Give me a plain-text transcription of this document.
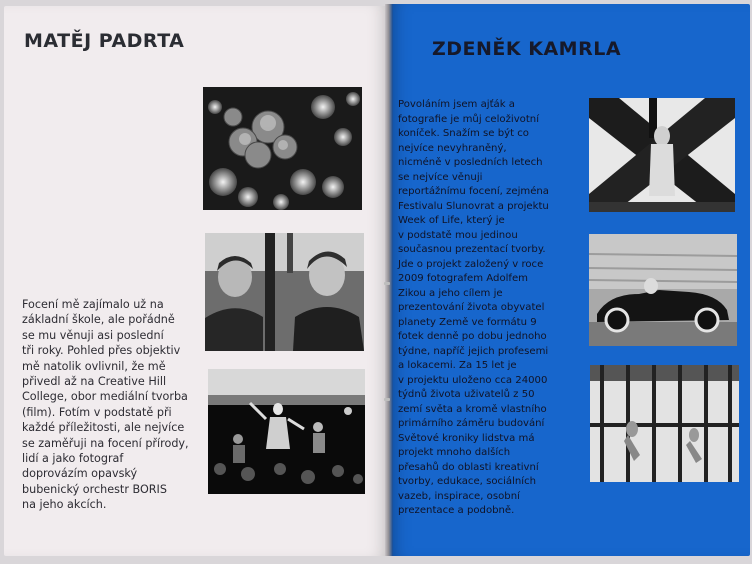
MATĚJ PADRTA	ZDENĚK KAMRLA
Focení mě zajímalo už na
základní škole, ale pořádně
se mu věnuji asi poslední
tři roky. Pohled přes objektiv
mě natolik ovlivnil, že mě
přivedl až na Creative Hill
College, obor mediální tvorba
(film). Fotím v podstatě při
každé příležitosti, ale nejvíce
se zaměřuji na focení přírody,
lidí a jako fotograf
doprovázím opavský
bubenický orchestr BORIS
na jeho akcích.
Povoláním jsem ajťák a
fotografie je můj celoživotní
koníček. Snažím se být co
nejvíce nevyhraněný,
nicméně v posledních letech
se nejvíce věnuji
reportážnímu focení, zejména
Festivalu Slunovrat a projektu
Week of Life, který je
v podstatě mou jedinou
současnou prezentací tvorby.
Jde o projekt založený v roce
2009 fotografem Adolfem
Zikou a jeho cílem je
prezentování života obyvatel
planety Země ve formátu 9
fotek denně po dobu jednoho
týdne, napříč jejich profesemi
a lokacemi. Za 15 let je
v projektu uloženo cca 24000
týdnů života uživatelů z 50
zemí světa a kromě vlastního
primárního záměru budování
Světové kroniky lidstva má
projekt mnoho dalších
přesahů do oblasti kreativní
tvorby, edukace, sociálních
vazeb, inspirace, osobní
prezentace a podobně.
